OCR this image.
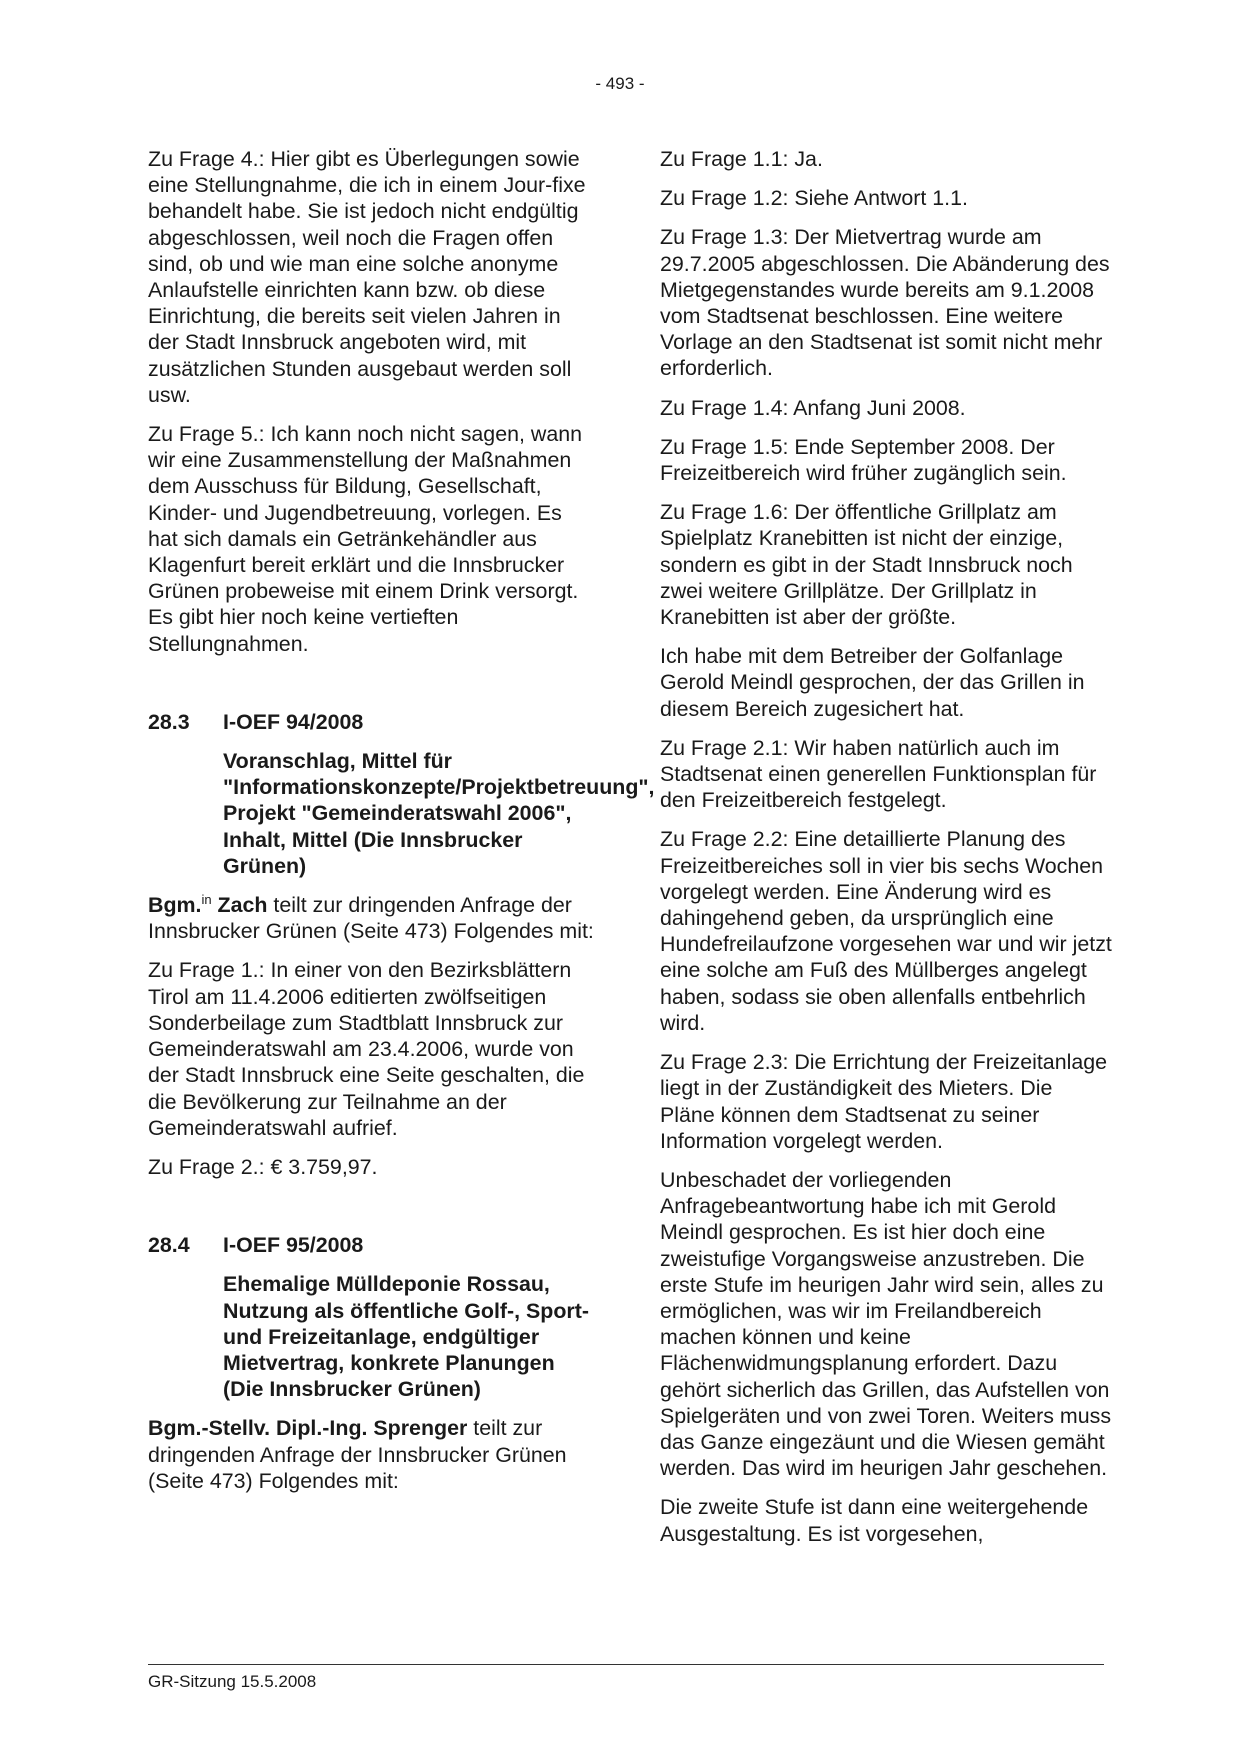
- 493 -

Zu Frage 4.: Hier gibt es Überlegungen sowie eine Stellungnahme, die ich in einem Jour-fixe behandelt habe. Sie ist jedoch nicht endgültig abgeschlossen, weil noch die Fragen offen sind, ob und wie man eine solche anonyme Anlaufstelle einrichten kann bzw. ob diese Einrichtung, die bereits seit vielen Jahren in der Stadt Innsbruck angeboten wird, mit zusätzlichen Stunden ausgebaut werden soll usw.

Zu Frage 5.: Ich kann noch nicht sagen, wann wir eine Zusammenstellung der Maßnahmen dem Ausschuss für Bildung, Gesellschaft, Kinder- und Jugendbetreuung, vorlegen. Es hat sich damals ein Getränkehändler aus Klagenfurt bereit erklärt und die Innsbrucker Grünen probeweise mit einem Drink versorgt. Es gibt hier noch keine vertieften Stellungnahmen.

28.3	I-OEF 94/2008
Voranschlag, Mittel für "Informationskonzepte/Projektbetreuung", Projekt "Gemeinderatswahl 2006", Inhalt, Mittel (Die Innsbrucker Grünen)

Bgm.$^{in}$ Zach teilt zur dringenden Anfrage der Innsbrucker Grünen (Seite 473) Folgendes mit:

Zu Frage 1.: In einer von den Bezirksblättern Tirol am 11.4.2006 editierten zwölfseitigen Sonderbeilage zum Stadtblatt Innsbruck zur Gemeinderatswahl am 23.4.2006, wurde von der Stadt Innsbruck eine Seite geschalten, die die Bevölkerung zur Teilnahme an der Gemeinderatswahl aufrief.

Zu Frage 2.: € 3.759,97.

28.4	I-OEF 95/2008
Ehemalige Mülldeponie Rossau, Nutzung als öffentliche Golf-, Sport- und Freizeitanlage, endgültiger Mietvertrag, konkrete Planungen (Die Innsbrucker Grünen)

Bgm.-Stellv. Dipl.-Ing. Sprenger teilt zur dringenden Anfrage der Innsbrucker Grünen (Seite 473) Folgendes mit:

Zu Frage 1.1: Ja.

Zu Frage 1.2: Siehe Antwort 1.1.

Zu Frage 1.3: Der Mietvertrag wurde am 29.7.2005 abgeschlossen. Die Abänderung des Mietgegenstandes wurde bereits am 9.1.2008 vom Stadtsenat beschlossen. Eine weitere Vorlage an den Stadtsenat ist somit nicht mehr erforderlich.

Zu Frage 1.4: Anfang Juni 2008.

Zu Frage 1.5: Ende September 2008. Der Freizeitbereich wird früher zugänglich sein.

Zu Frage 1.6: Der öffentliche Grillplatz am Spielplatz Kranebitten ist nicht der einzige, sondern es gibt in der Stadt Innsbruck noch zwei weitere Grillplätze. Der Grillplatz in Kranebitten ist aber der größte.

Ich habe mit dem Betreiber der Golfanlage Gerold Meindl gesprochen, der das Grillen in diesem Bereich zugesichert hat.

Zu Frage 2.1: Wir haben natürlich auch im Stadtsenat einen generellen Funktionsplan für den Freizeitbereich festgelegt.

Zu Frage 2.2: Eine detaillierte Planung des Freizeitbereiches soll in vier bis sechs Wochen vorgelegt werden. Eine Änderung wird es dahingehend geben, da ursprünglich eine Hundefreilaufzone vorgesehen war und wir jetzt eine solche am Fuß des Müllberges angelegt haben, sodass sie oben allenfalls entbehrlich wird.

Zu Frage 2.3: Die Errichtung der Freizeitanlage liegt in der Zuständigkeit des Mieters. Die Pläne können dem Stadtsenat zu seiner Information vorgelegt werden.

Unbeschadet der vorliegenden Anfragebeantwortung habe ich mit Gerold Meindl gesprochen. Es ist hier doch eine zweistufige Vorgangsweise anzustreben. Die erste Stufe im heurigen Jahr wird sein, alles zu ermöglichen, was wir im Freilandbereich machen können und keine Flächenwidmungsplanung erfordert. Dazu gehört sicherlich das Grillen, das Aufstellen von Spielgeräten und von zwei Toren. Weiters muss das Ganze eingezäunt und die Wiesen gemäht werden. Das wird im heurigen Jahr geschehen.

Die zweite Stufe ist dann eine weitergehende Ausgestaltung. Es ist vorgesehen,

GR-Sitzung 15.5.2008
